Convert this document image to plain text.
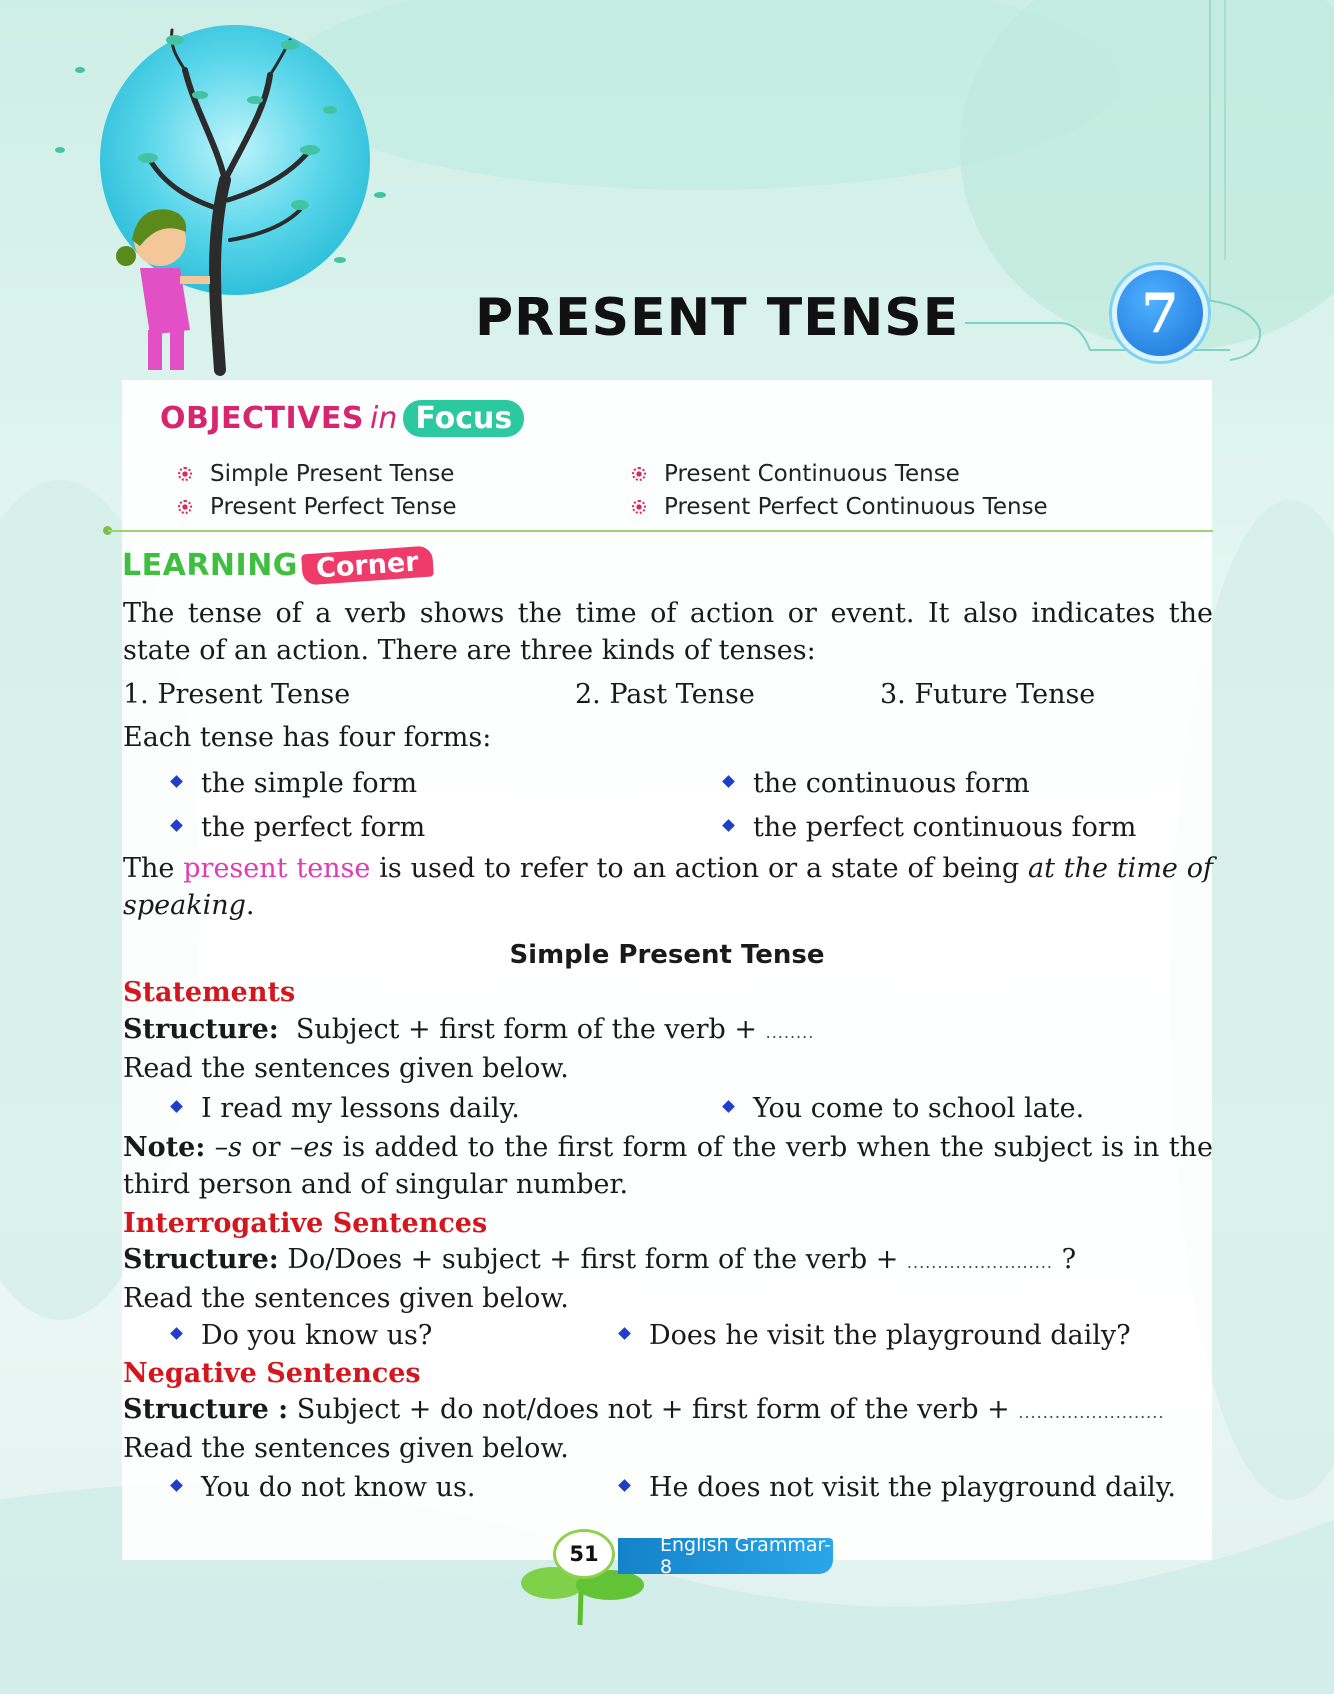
PRESENT TENSE	7
OBJECTIVES in Focus
Simple Present Tense
Present Perfect Tense
Present Continuous Tense
Present Perfect Continuous Tense
LEARNING Corner
The tense of a verb shows the time of action or event. It also indicates the state of an action. There are three kinds of tenses:
1. Present Tense	2. Past Tense	3. Future Tense
Each tense has four forms:
the simple form	the continuous form
the perfect form	the perfect continuous form
The present tense is used to refer to an action or a state of being at the time of speaking.
Simple Present Tense
Statements
Structure: Subject + first form of the verb + ........
Read the sentences given below.
I read my lessons daily.	You come to school late.
Note: –s or –es is added to the first form of the verb when the subject is in the third person and of singular number.
Interrogative Sentences
Structure: Do/Does + subject + first form of the verb + ........................ ?
Read the sentences given below.
Do you know us?	Does he visit the playground daily?
Negative Sentences
Structure : Subject + do not/does not + first form of the verb + ........................
Read the sentences given below.
You do not know us.	He does not visit the playground daily.
English Grammar-8
51
